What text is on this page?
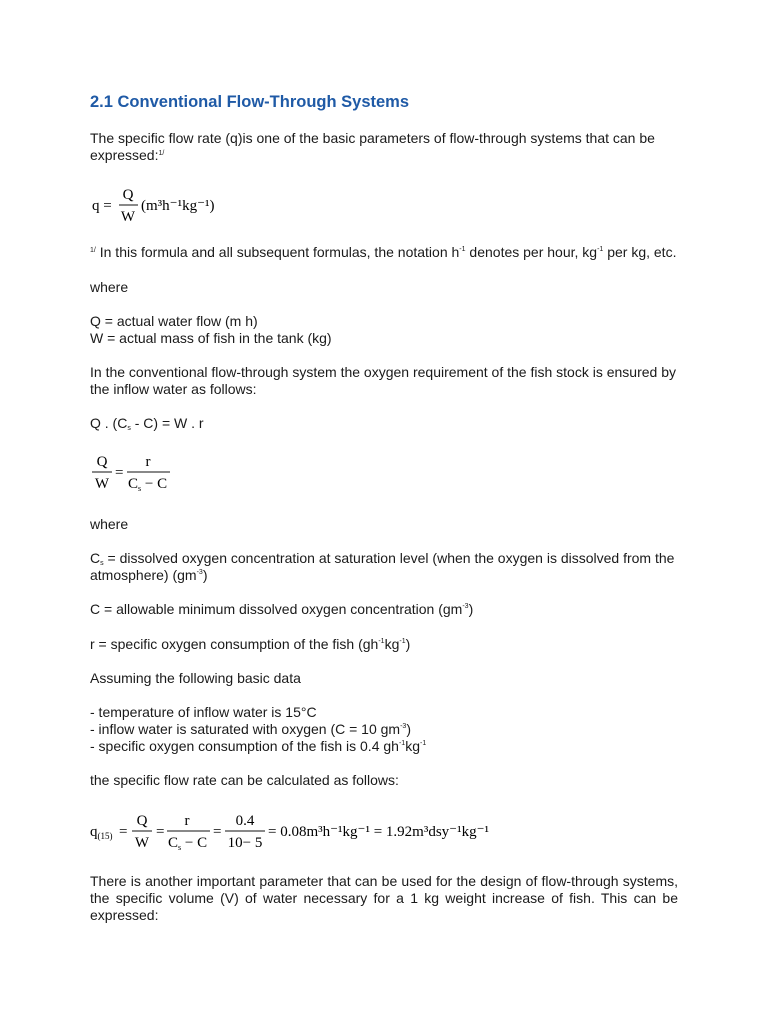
2.1 Conventional Flow-Through Systems

The specific flow rate (q)is one of the basic parameters of flow-through systems that can be expressed:$^{1/}$

q =
Q
W
(m³h⁻¹kg⁻¹)

$^{1/}$ In this formula and all subsequent formulas, the notation $h^{-1}$ denotes per hour, $kg^{-1}$ per kg, etc.

where

Q = actual water flow (m h)

W = actual mass of fish in the tank (kg)

In the conventional flow-through system the oxygen requirement of the fish stock is ensured by the inflow water as follows:

Q . (Cs - C) = W . r

Q
W
=
r
$C_s - C$

where

Cs = dissolved oxygen concentration at saturation level (when the oxygen is dissolved from the atmosphere) $(gm^{-3})$

C = allowable minimum dissolved oxygen concentration $(gm^{-3})$

r = specific oxygen consumption of the fish $(gh^{-1}kg^{-1})$

Assuming the following basic data

- temperature of inflow water is 15°C

- inflow water is saturated with oxygen (C = 10 $gm^{-3}$)

- specific oxygen consumption of the fish is 0.4 $gh^{-1}kg^{-1}$

the specific flow rate can be calculated as follows:

$q_{(15)}$ =
Q
W
=
r
$C_s - C$
=
0.4
10− 5
= 0.08m³h⁻¹kg⁻¹ = 1.92m³dsy⁻¹kg⁻¹

There is another important parameter that can be used for the design of flow-through systems, the specific volume (V) of water necessary for a 1 kg weight increase of fish. This can be expressed:
